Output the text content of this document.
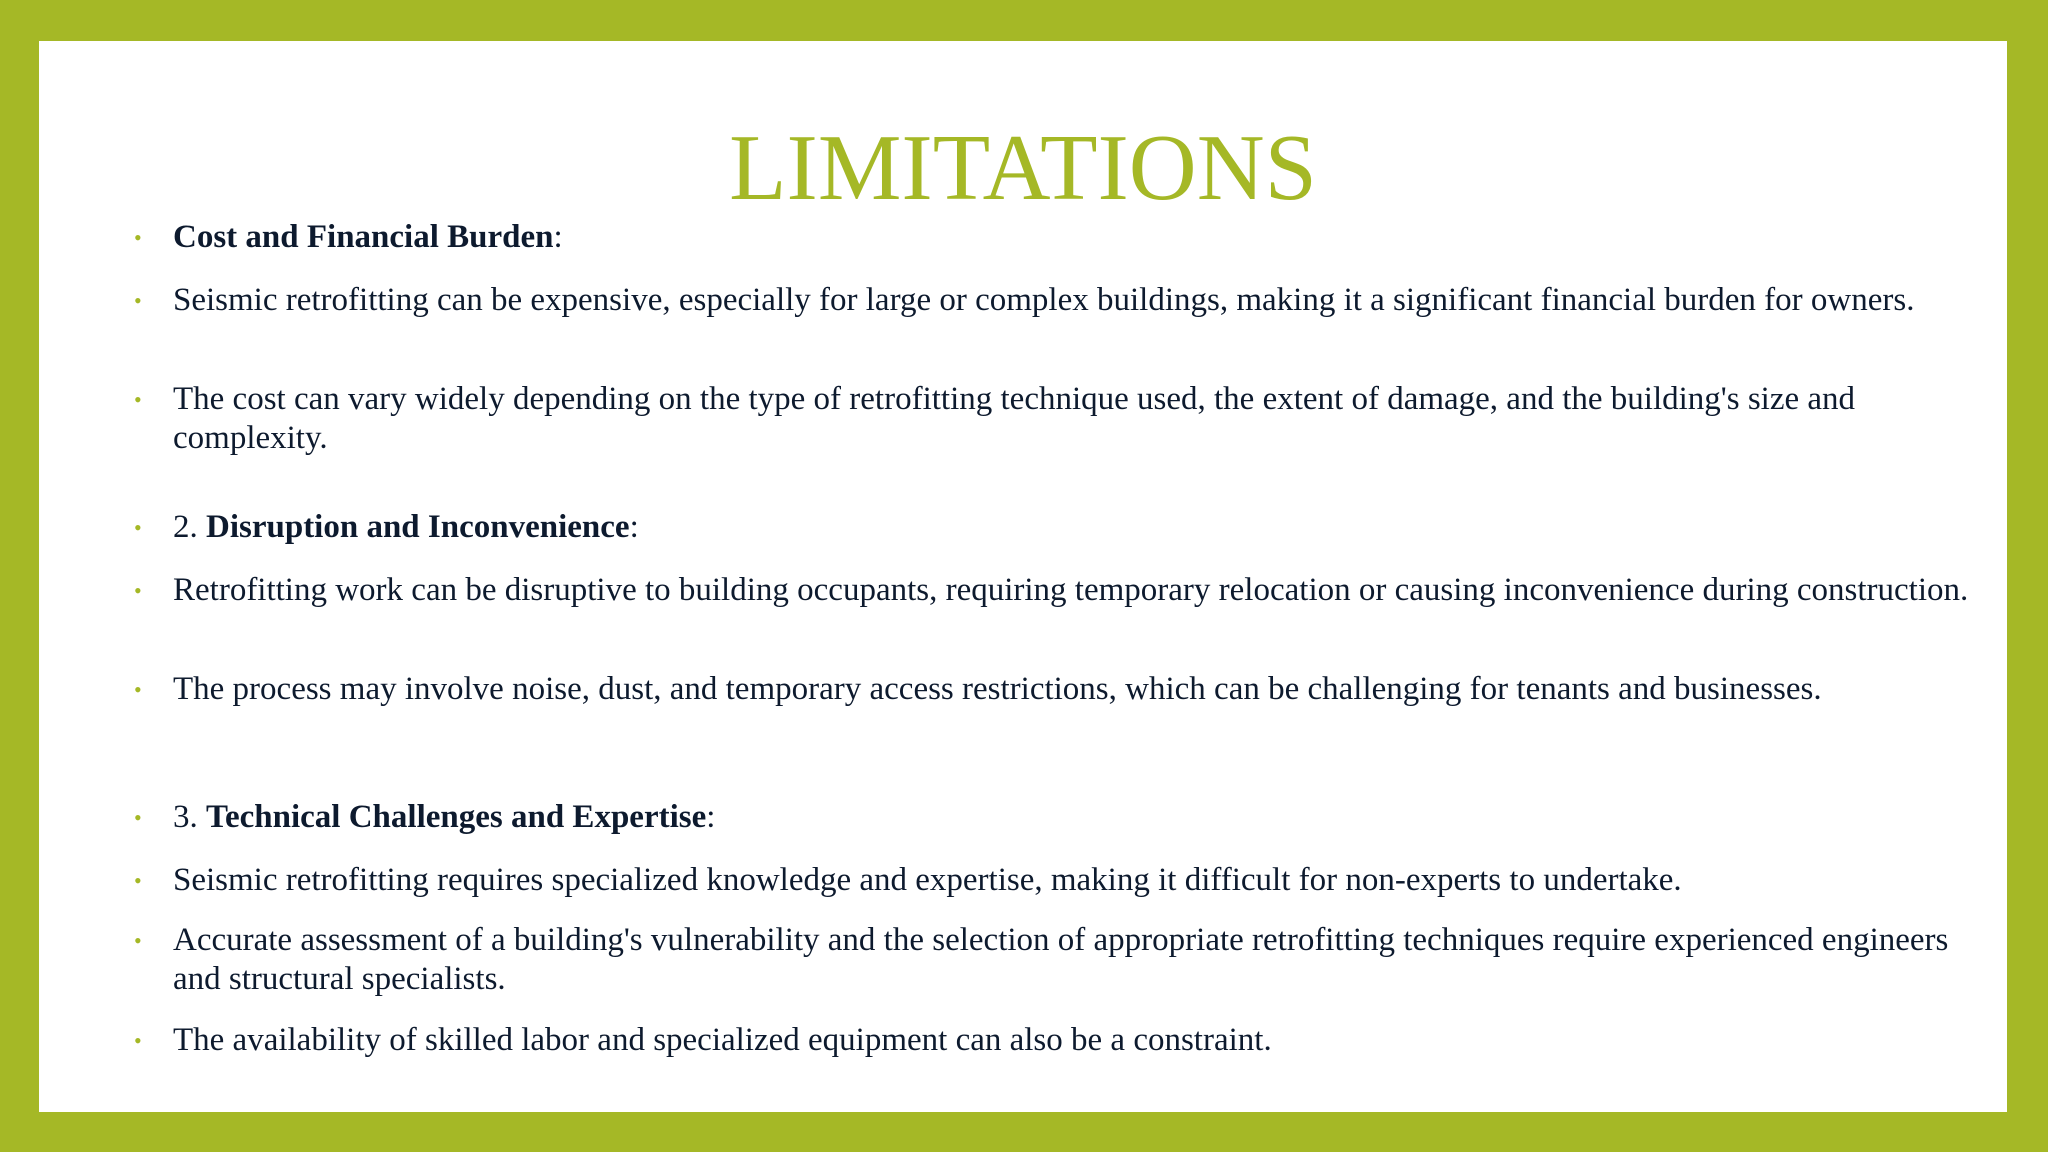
LIMITATIONS
• Cost and Financial Burden:
• Seismic retrofitting can be expensive, especially for large or complex buildings, making it a significant financial burden for owners.
• The cost can vary widely depending on the type of retrofitting technique used, the extent of damage, and the building's size and complexity.
• 2. Disruption and Inconvenience:
• Retrofitting work can be disruptive to building occupants, requiring temporary relocation or causing inconvenience during construction.
• The process may involve noise, dust, and temporary access restrictions, which can be challenging for tenants and businesses.
• 3. Technical Challenges and Expertise:
• Seismic retrofitting requires specialized knowledge and expertise, making it difficult for non-experts to undertake.
• Accurate assessment of a building's vulnerability and the selection of appropriate retrofitting techniques require experienced engineers and structural specialists.
• The availability of skilled labor and specialized equipment can also be a constraint.
